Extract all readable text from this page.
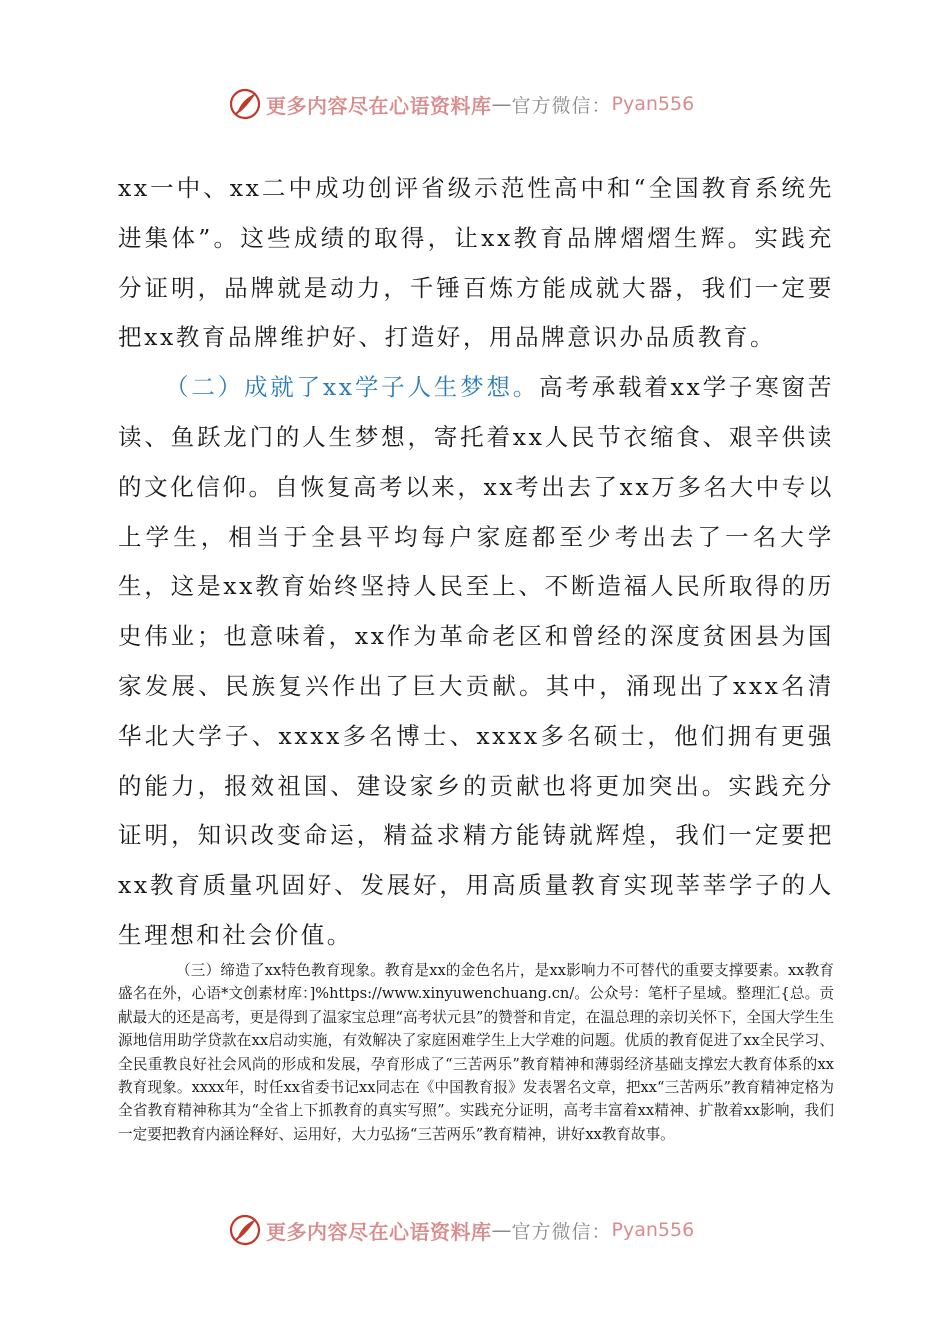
更多内容尽在心语资料库 — 官方微信： Pyan556

xx一中、xx二中成功创评省级示范性高中和“全国教育系统先进集体”。这些成绩的取得，让xx教育品牌熠熠生辉。实践充分证明，品牌就是动力，千锤百炼方能成就大器，我们一定要把xx教育品牌维护好、打造好，用品牌意识办品质教育。

（二）成就了xx学子人生梦想。高考承载着xx学子寒窗苦读、鱼跃龙门的人生梦想，寄托着xx人民节衣缩食、艰辛供读的文化信仰。自恢复高考以来，xx考出去了xx万多名大中专以上学生，相当于全县平均每户家庭都至少考出去了一名大学生，这是xx教育始终坚持人民至上、不断造福人民所取得的历史伟业；也意味着，xx作为革命老区和曾经的深度贫困县为国家发展、民族复兴作出了巨大贡献。其中，涌现出了xxx名清华北大学子、xxxx多名博士、xxxx多名硕士，他们拥有更强的能力，报效祖国、建设家乡的贡献也将更加突出。实践充分证明，知识改变命运，精益求精方能铸就辉煌，我们一定要把xx教育质量巩固好、发展好，用高质量教育实现莘莘学子的人生理想和社会价值。

（三）缔造了xx特色教育现象。教育是xx的金色名片，是xx影响力不可替代的重要支撑要素。xx教育盛名在外，心语*文创素材库：]%https://www.xinyuwenchuang.cn/。公众号：笔杆子星域。整理汇{总。贡献最大的还是高考，更是得到了温家宝总理“高考状元县”的赞誉和肯定，在温总理的亲切关怀下，全国大学生生源地信用助学贷款在xx启动实施，有效解决了家庭困难学生上大学难的问题。优质的教育促进了xx全民学习、全民重教良好社会风尚的形成和发展，孕育形成了“三苦两乐”教育精神和薄弱经济基础支撑宏大教育体系的xx教育现象。xxxx年，时任xx省委书记xx同志在《中国教育报》发表署名文章，把xx“三苦两乐”教育精神定格为全省教育精神称其为“全省上下抓教育的真实写照”。实践充分证明，高考丰富着xx精神、扩散着xx影响，我们一定要把教育内涵诠释好、运用好，大力弘扬“三苦两乐”教育精神，讲好xx教育故事。

更多内容尽在心语资料库 — 官方微信： Pyan556
